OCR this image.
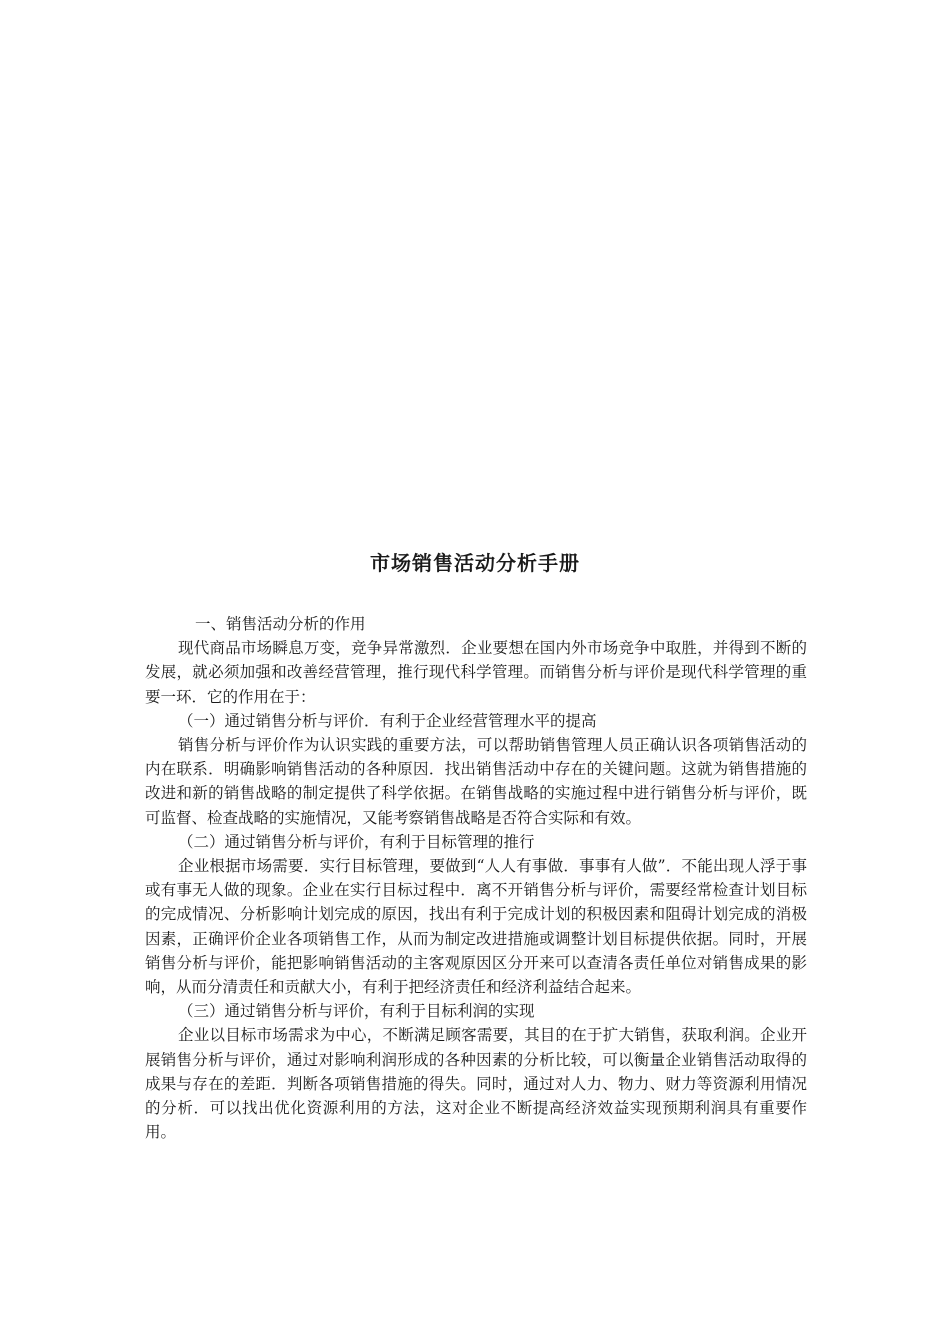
市场销售活动分析手册

一、销售活动分析的作用

现代商品市场瞬息万变，竞争异常激烈．企业要想在国内外市场竞争中取胜，并得到不断的发展，就必须加强和改善经营管理，推行现代科学管理。而销售分析与评价是现代科学管理的重要一环．它的作用在于：

（一）通过销售分析与评价．有利于企业经营管理水平的提高

销售分析与评价作为认识实践的重要方法，可以帮助销售管理人员正确认识各项销售活动的内在联系．明确影响销售活动的各种原因．找出销售活动中存在的关键问题。这就为销售措施的改进和新的销售战略的制定提供了科学依据。在销售战略的实施过程中进行销售分析与评价，既可监督、检查战略的实施情况，又能考察销售战略是否符合实际和有效。

（二）通过销售分析与评价，有利于目标管理的推行

企业根据市场需要．实行目标管理，要做到“人人有事做．事事有人做”．不能出现人浮于事或有事无人做的现象。企业在实行目标过程中．离不开销售分析与评价，需要经常检查计划目标的完成情况、分析影响计划完成的原因，找出有利于完成计划的积极因素和阻碍计划完成的消极因素，正确评价企业各项销售工作，从而为制定改进措施或调整计划目标提供依据。同时，开展销售分析与评价，能把影响销售活动的主客观原因区分开来可以查清各责任单位对销售成果的影响，从而分清责任和贡献大小，有利于把经济责任和经济利益结合起来。

（三）通过销售分析与评价，有利于目标利润的实现

企业以目标市场需求为中心，不断满足顾客需要，其目的在于扩大销售，获取利润。企业开展销售分析与评价，通过对影响利润形成的各种因素的分析比较，可以衡量企业销售活动取得的成果与存在的差距．判断各项销售措施的得失。同时，通过对人力、物力、财力等资源利用情况的分析．可以找出优化资源利用的方法，这对企业不断提高经济效益实现预期利润具有重要作用。
